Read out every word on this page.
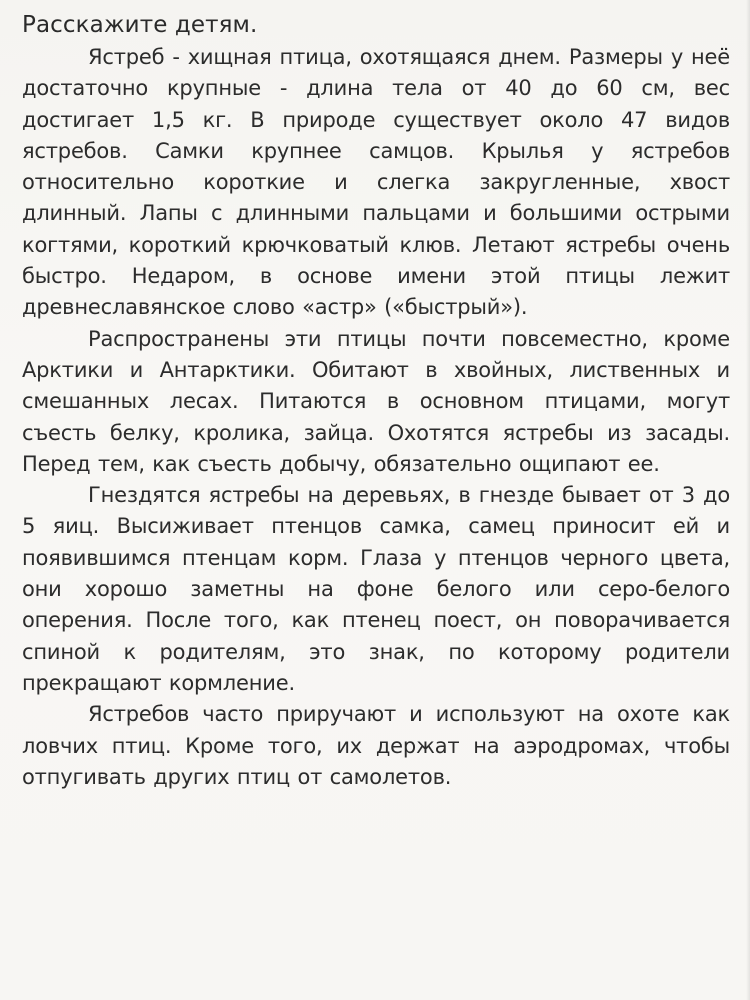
Расскажите детям.

Ястреб - хищная птица, охотящаяся днем. Размеры у неё достаточно крупные - длина тела от 40 до 60 см, вес достигает 1,5 кг. В природе существует около 47 видов ястребов. Самки крупнее самцов. Крылья у ястребов относительно короткие и слегка закругленные, хвост длинный. Лапы с длинными пальцами и большими острыми когтями, короткий крючковатый клюв. Летают ястребы очень быстро. Недаром, в основе имени этой птицы лежит древнеславянское слово «астр» («быстрый»).

Распространены эти птицы почти повсеместно, кроме Арктики и Антарктики. Обитают в хвойных, лиственных и смешанных лесах. Питаются в основном птицами, могут съесть белку, кролика, зайца. Охотятся ястребы из засады. Перед тем, как съесть добычу, обязательно ощипают ее.

Гнездятся ястребы на деревьях, в гнезде бывает от 3 до 5 яиц. Высиживает птенцов самка, самец приносит ей и появившимся птенцам корм. Глаза у птенцов черного цвета, они хорошо заметны на фоне белого или серо-белого оперения. После того, как птенец поест, он поворачивается спиной к родителям, это знак, по которому родители прекращают кормление.

Ястребов часто приручают и используют на охоте как ловчих птиц. Кроме того, их держат на аэродромах, чтобы отпугивать других птиц от самолетов.
